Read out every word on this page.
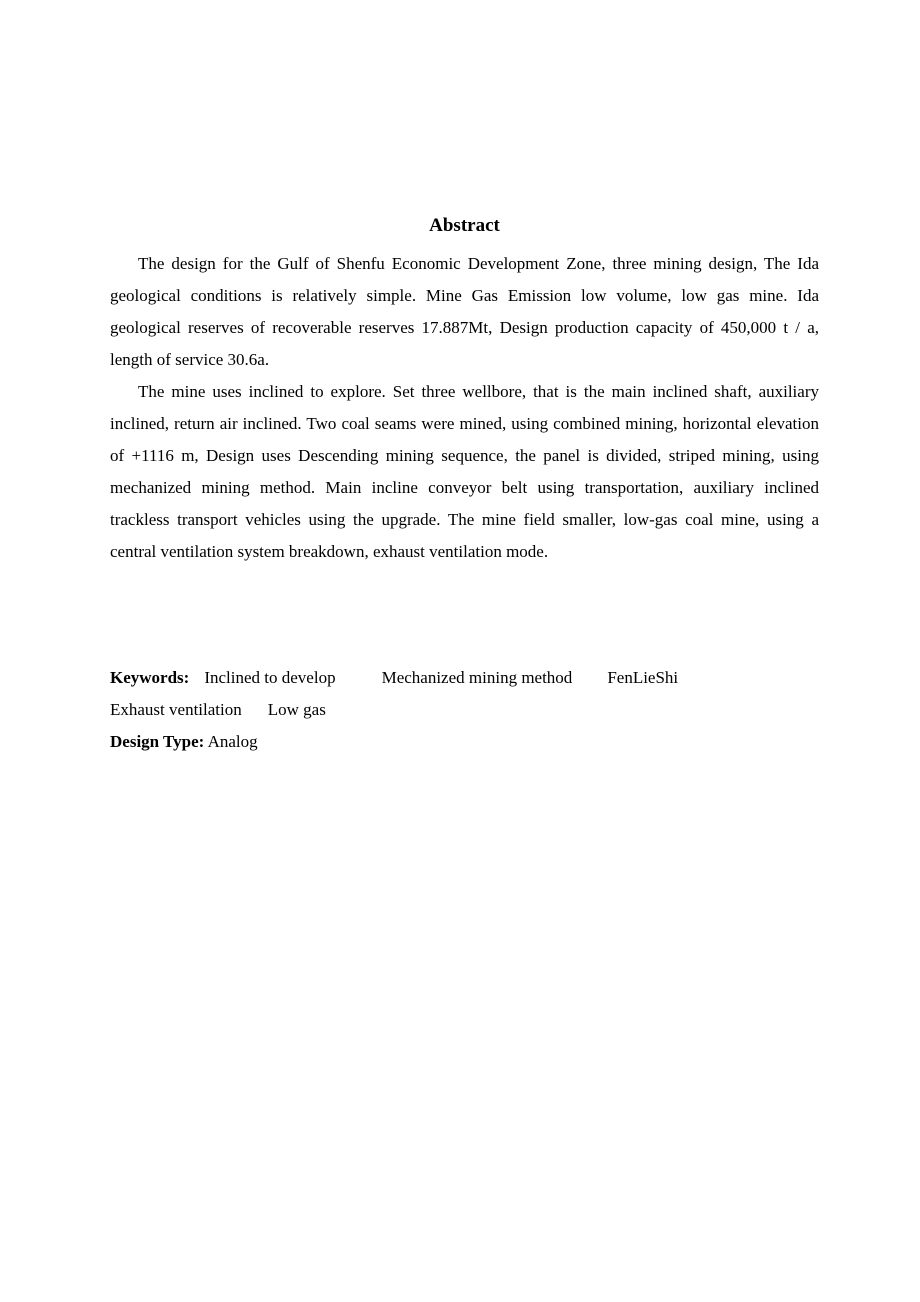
Abstract

The design for the Gulf of Shenfu Economic Development Zone, three mining design, The Ida geological conditions is relatively simple. Mine Gas Emission low volume, low gas mine. Ida geological reserves of recoverable reserves 17.887Mt, Design production capacity of 450,000 t / a, length of service 30.6a.

The mine uses inclined to explore. Set three wellbore, that is the main inclined shaft, auxiliary inclined, return air inclined. Two coal seams were mined, using combined mining, horizontal elevation of +1116 m, Design uses Descending mining sequence, the panel is divided, striped mining, using mechanized mining method. Main incline conveyor belt using transportation, auxiliary inclined trackless transport vehicles using the upgrade. The mine field smaller, low-gas coal mine, using a central ventilation system breakdown, exhaust ventilation mode.

Keywords: Inclined to develop	Mechanized mining method FenLieShi
Exhaust ventilation Low gas
Design Type: Analog
